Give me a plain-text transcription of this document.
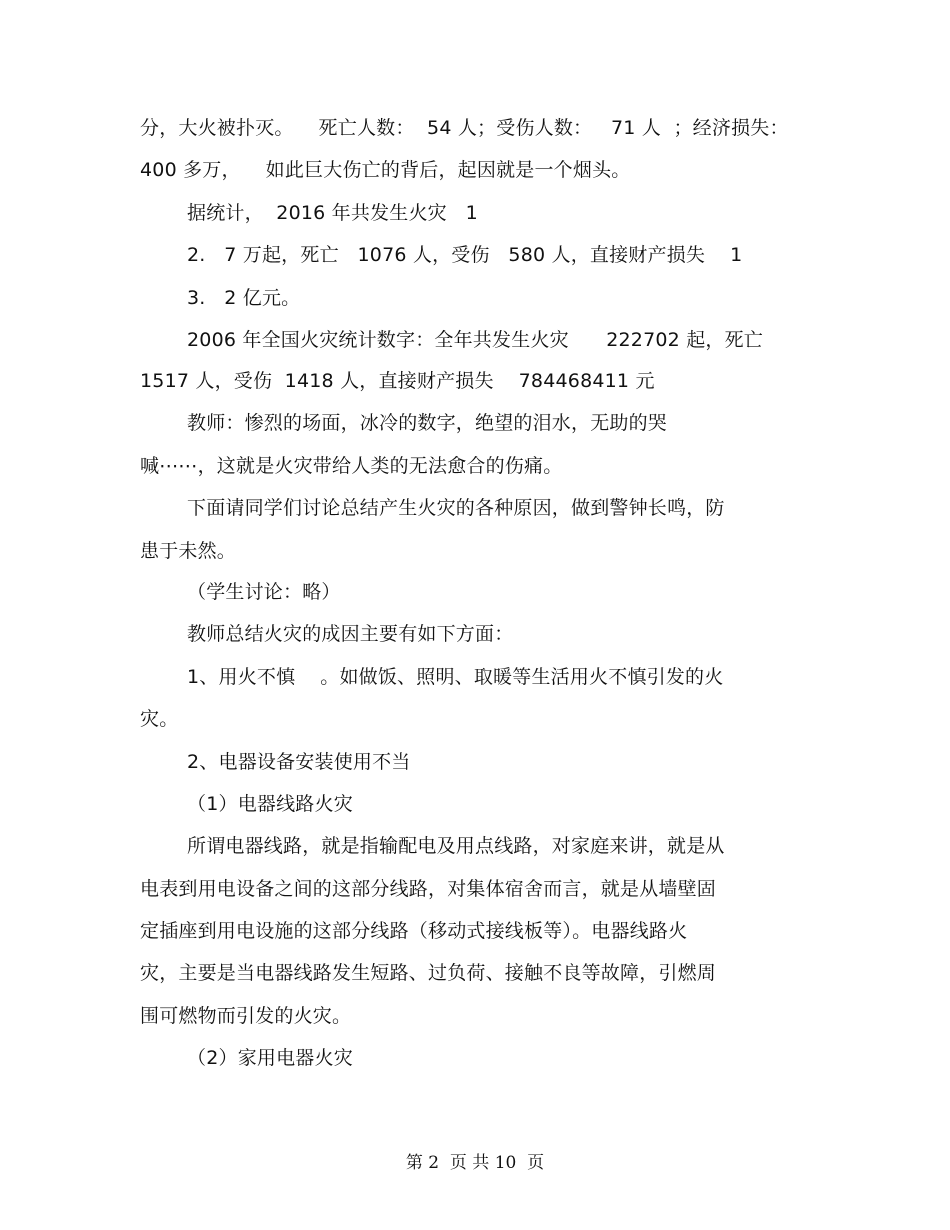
分，大火被扑灭。    死亡人数：  54 人；受伤人数：   71 人  ；经济损失：
400 多万，    如此巨大伤亡的背后，起因就是一个烟头。
据统计，  2016 年共发生火灾   1
2.   7 万起，死亡   1076 人，受伤   580 人，直接财产损失    1
3.   2 亿元。
2006 年全国火灾统计数字：全年共发生火灾      222702 起，死亡
1517 人，受伤  1418 人，直接财产损失    784468411 元
教师：惨烈的场面，冰冷的数字，绝望的泪水，无助的哭
喊⋯⋯，这就是火灾带给人类的无法愈合的伤痛。
下面请同学们讨论总结产生火灾的各种原因，做到警钟长鸣，防
患于未然。
（学生讨论：略）
教师总结火灾的成因主要有如下方面：
1、用火不慎    。如做饭、照明、取暖等生活用火不慎引发的火
灾。
2、电器设备安装使用不当
（1）电器线路火灾
所谓电器线路，就是指输配电及用点线路，对家庭来讲，就是从
电表到用电设备之间的这部分线路，对集体宿舍而言，就是从墙壁固
定插座到用电设施的这部分线路（移动式接线板等）。电器线路火
灾，主要是当电器线路发生短路、过负荷、接触不良等故障，引燃周
围可燃物而引发的火灾。
（2）家用电器火灾
第 2  页 共 10  页
